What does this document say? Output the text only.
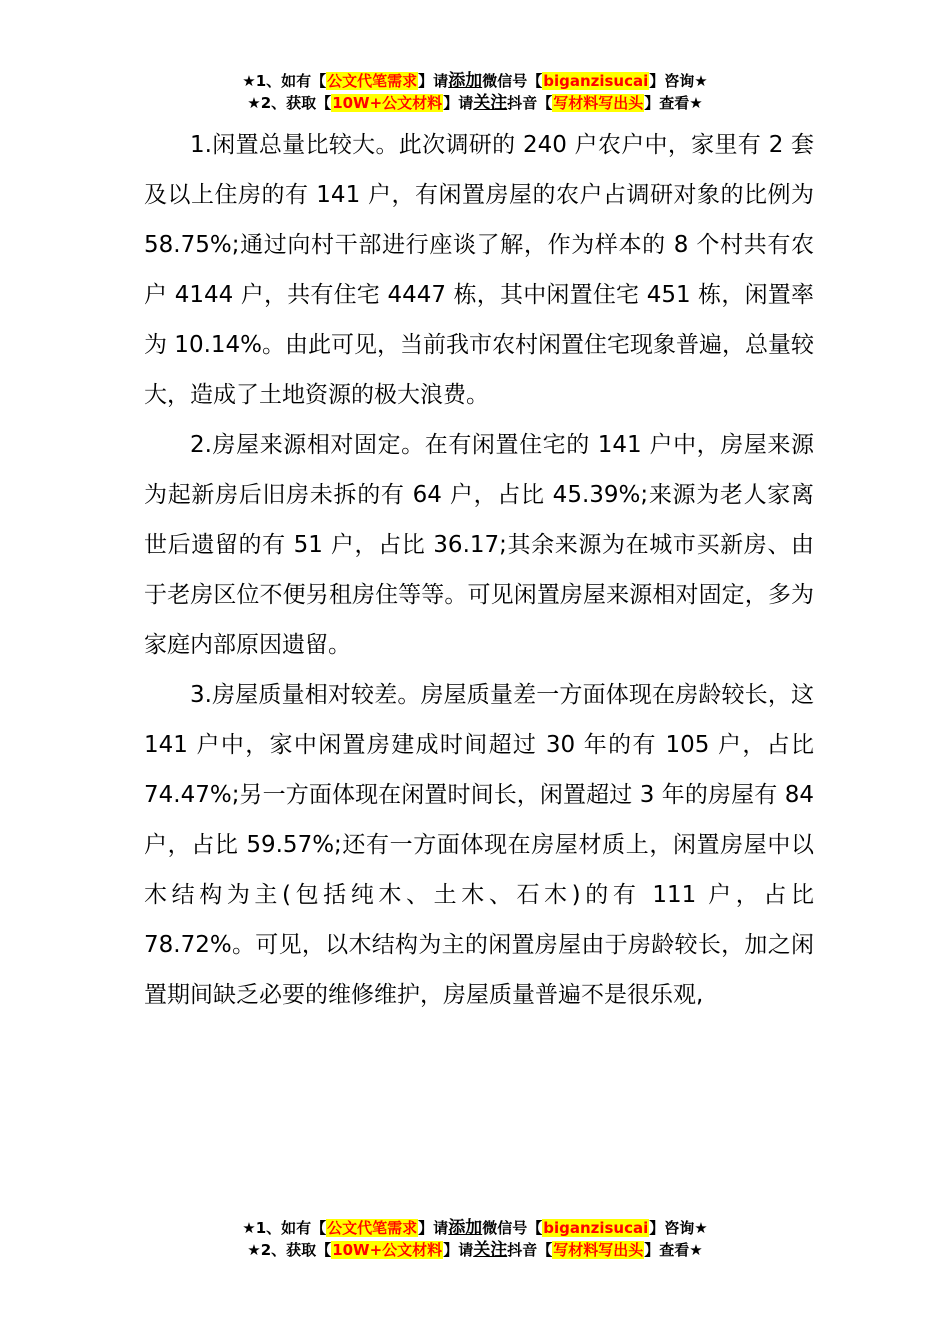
★1、如有【公文代笔需求】请添加微信号【biganzisucai】咨询★
★2、获取【10W+公文材料】请关注抖音【写材料写出头】查看★

1.闲置总量比较大。此次调研的 240 户农户中，家里有 2 套及以上住房的有 141 户，有闲置房屋的农户占调研对象的比例为 58.75%;通过向村干部进行座谈了解，作为样本的 8 个村共有农户 4144 户，共有住宅 4447 栋，其中闲置住宅 451 栋，闲置率为 10.14%。由此可见，当前我市农村闲置住宅现象普遍，总量较大，造成了土地资源的极大浪费。

2.房屋来源相对固定。在有闲置住宅的 141 户中，房屋来源为起新房后旧房未拆的有 64 户，占比 45.39%;来源为老人家离世后遗留的有 51 户，占比 36.17;其余来源为在城市买新房、由于老房区位不便另租房住等等。可见闲置房屋来源相对固定，多为家庭内部原因遗留。

3.房屋质量相对较差。房屋质量差一方面体现在房龄较长，这 141 户中，家中闲置房建成时间超过 30 年的有 105 户，占比 74.47%;另一方面体现在闲置时间长，闲置超过 3 年的房屋有 84 户，占比 59.57%;还有一方面体现在房屋材质上，闲置房屋中以木结构为主(包括纯木、土木、石木)的有 111 户，占比 78.72%。可见，以木结构为主的闲置房屋由于房龄较长，加之闲置期间缺乏必要的维修维护，房屋质量普遍不是很乐观,

★1、如有【公文代笔需求】请添加微信号【biganzisucai】咨询★
★2、获取【10W+公文材料】请关注抖音【写材料写出头】查看★
